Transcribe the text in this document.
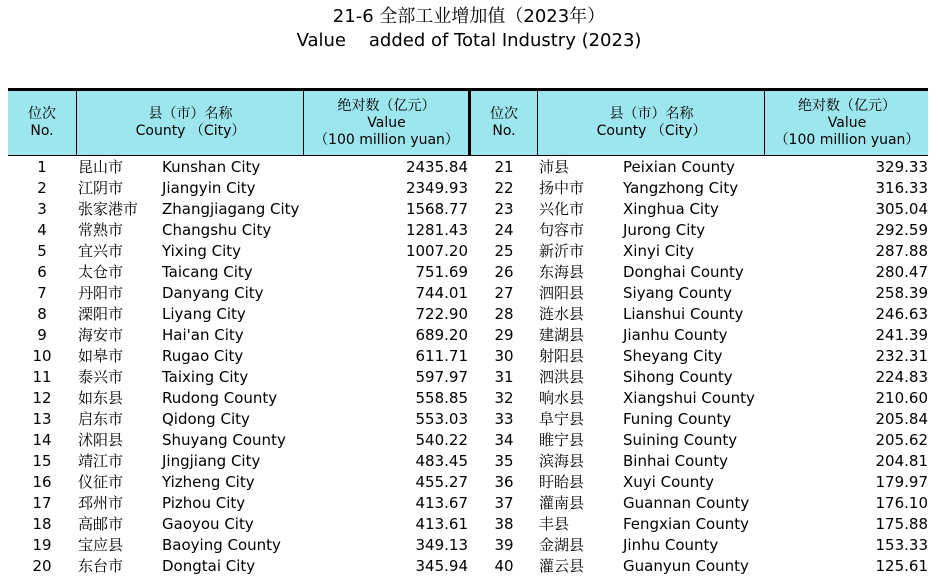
21-6 全部工业增加值（2023年）
Value    added of Total Industry (2023)
位次
No.
县（市）名称
County （City）
绝对数（亿元）
Value
（100 million yuan）
1	昆山市	Kunshan City	2435.84
2	江阴市	Jiangyin City	2349.93
3	张家港市 Zhangjiagang City	1568.77
4	常熟市	Changshu City	1281.43
5	宜兴市	Yixing City	1007.20
6	太仓市	Taicang City	751.69
7	丹阳市	Danyang City	744.01
8	溧阳市	Liyang City	722.90
9	海安市	Hai'an City	689.20
10	如皋市	Rugao City	611.71
11	泰兴市	Taixing City	597.97
12	如东县	Rudong County	558.85
13	启东市	Qidong City	553.03
14	沭阳县	Shuyang County	540.22
15	靖江市	Jingjiang City	483.45
16	仪征市	Yizheng City	455.27
17	邳州市	Pizhou City	413.67
18	高邮市	Gaoyou City	413.61
19	宝应县	Baoying County	349.13
20	东台市	Dongtai City	345.94
位次
No.
县（市）名称
County （City）
绝对数（亿元）
Value
（100 million yuan）
21	沛县	Peixian County	329.33
22	扬中市	Yangzhong City	316.33
23	兴化市	Xinghua City	305.04
24	句容市	Jurong City	292.59
25	新沂市	Xinyi City	287.88
26	东海县	Donghai County	280.47
27	泗阳县	Siyang County	258.39
28	涟水县	Lianshui County	246.63
29	建湖县	Jianhu County	241.39
30	射阳县	Sheyang City	232.31
31	泗洪县	Sihong County	224.83
32	响水县	Xiangshui County	210.60
33	阜宁县	Funing County	205.84
34	睢宁县	Suining County	205.62
35	滨海县	Binhai County	204.81
36	盱眙县	Xuyi County	179.97
37	灌南县	Guannan County	176.10
38	丰县	Fengxian County	175.88
39	金湖县	Jinhu County	153.33
40	灌云县	Guanyun County	125.61
